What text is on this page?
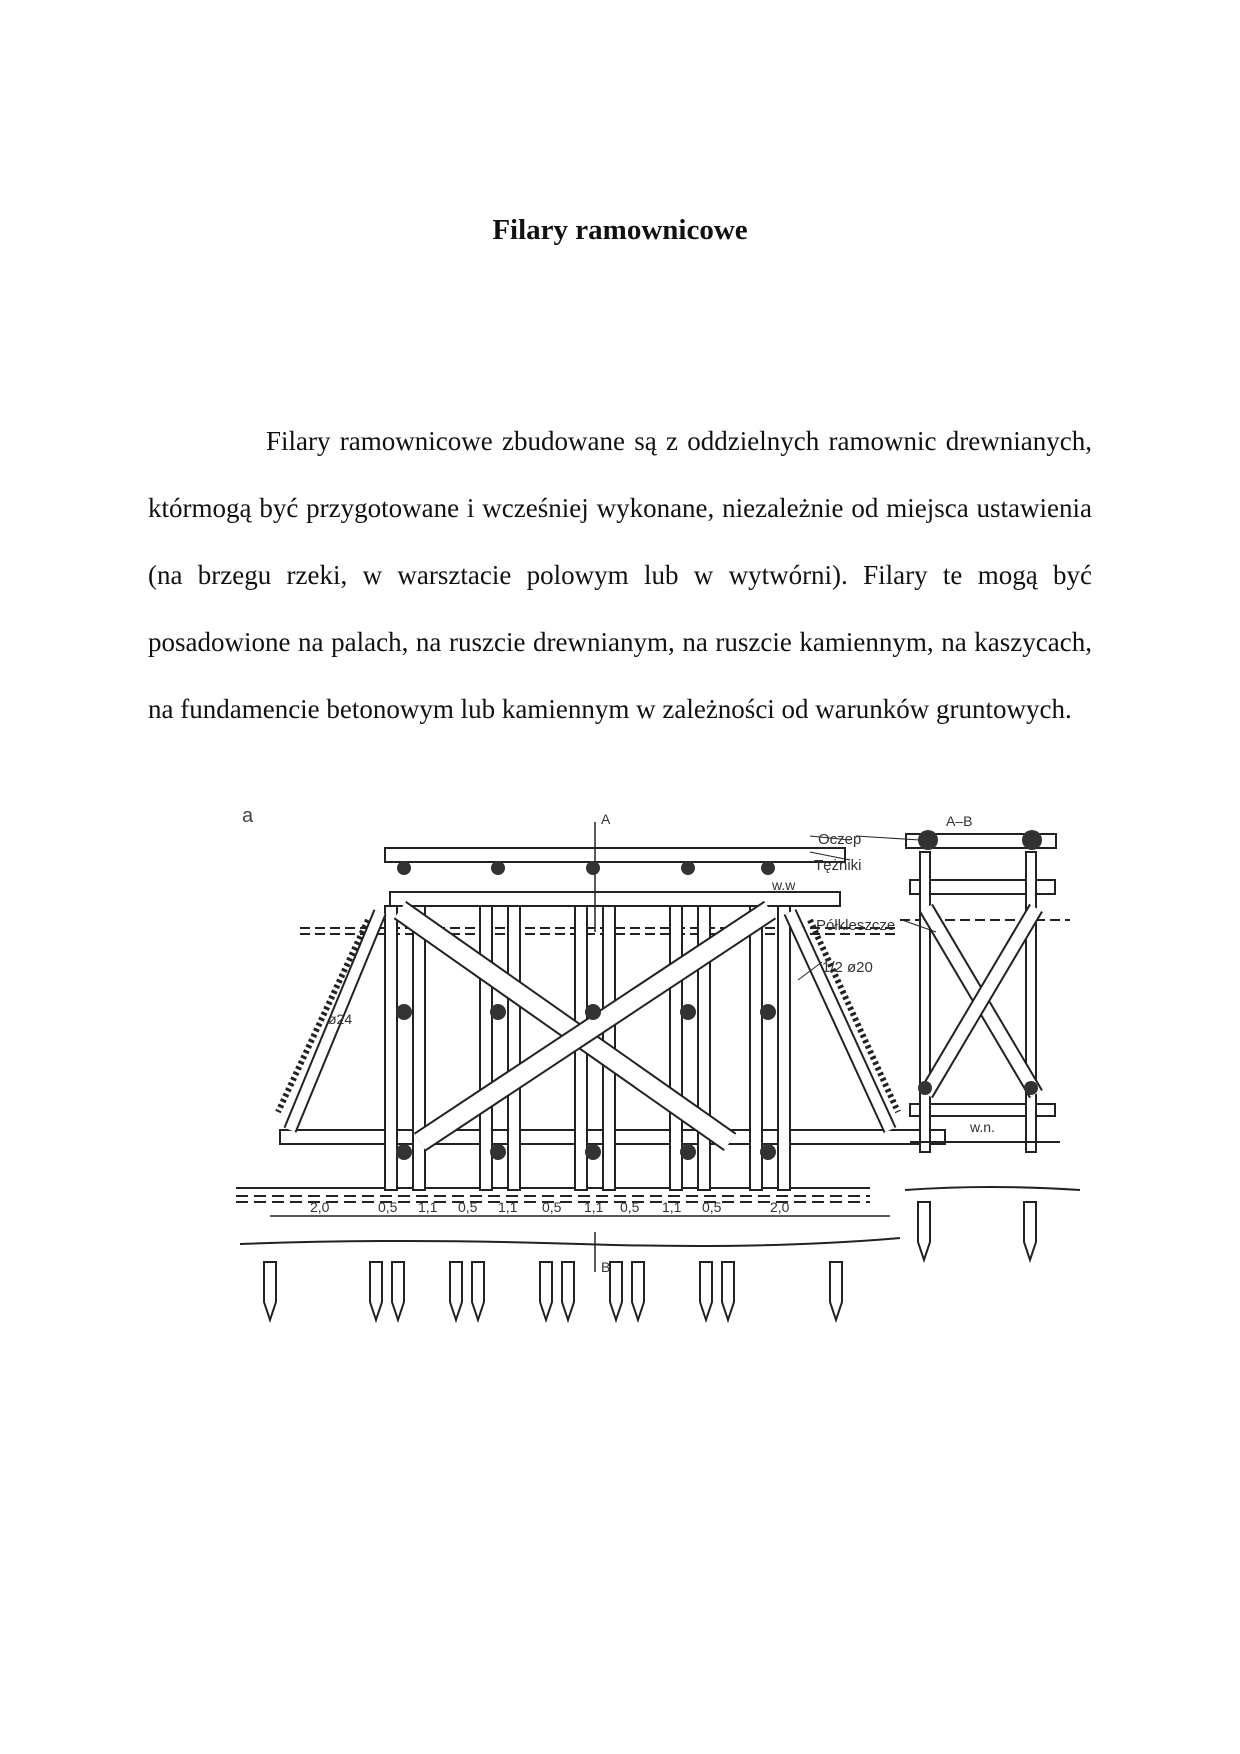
Filary ramownicowe

Filary ramownicowe zbudowane są z oddzielnych ramownic drewnianych, którmogą być przygotowane i wcześniej wykonane, niezależnie od miejsca ustawienia (na brzegu rzeki, w warsztacie polowym lub w wytwórni). Filary te mogą być posadowione na palach, na ruszcie drewnianym, na ruszcie kamiennym, na kaszycach, na fundamencie betonowym lub kamiennym w zależności od warunków gruntowych.

a	A
B
A–B
Oczep
Tężniki
Półkleszcze
1/2 ø20
ø24
w.w
w.n.
2,0	0,5 1,1 0,5 1,1 0,5 1,1 0,5 1,1 0,5	2,0
